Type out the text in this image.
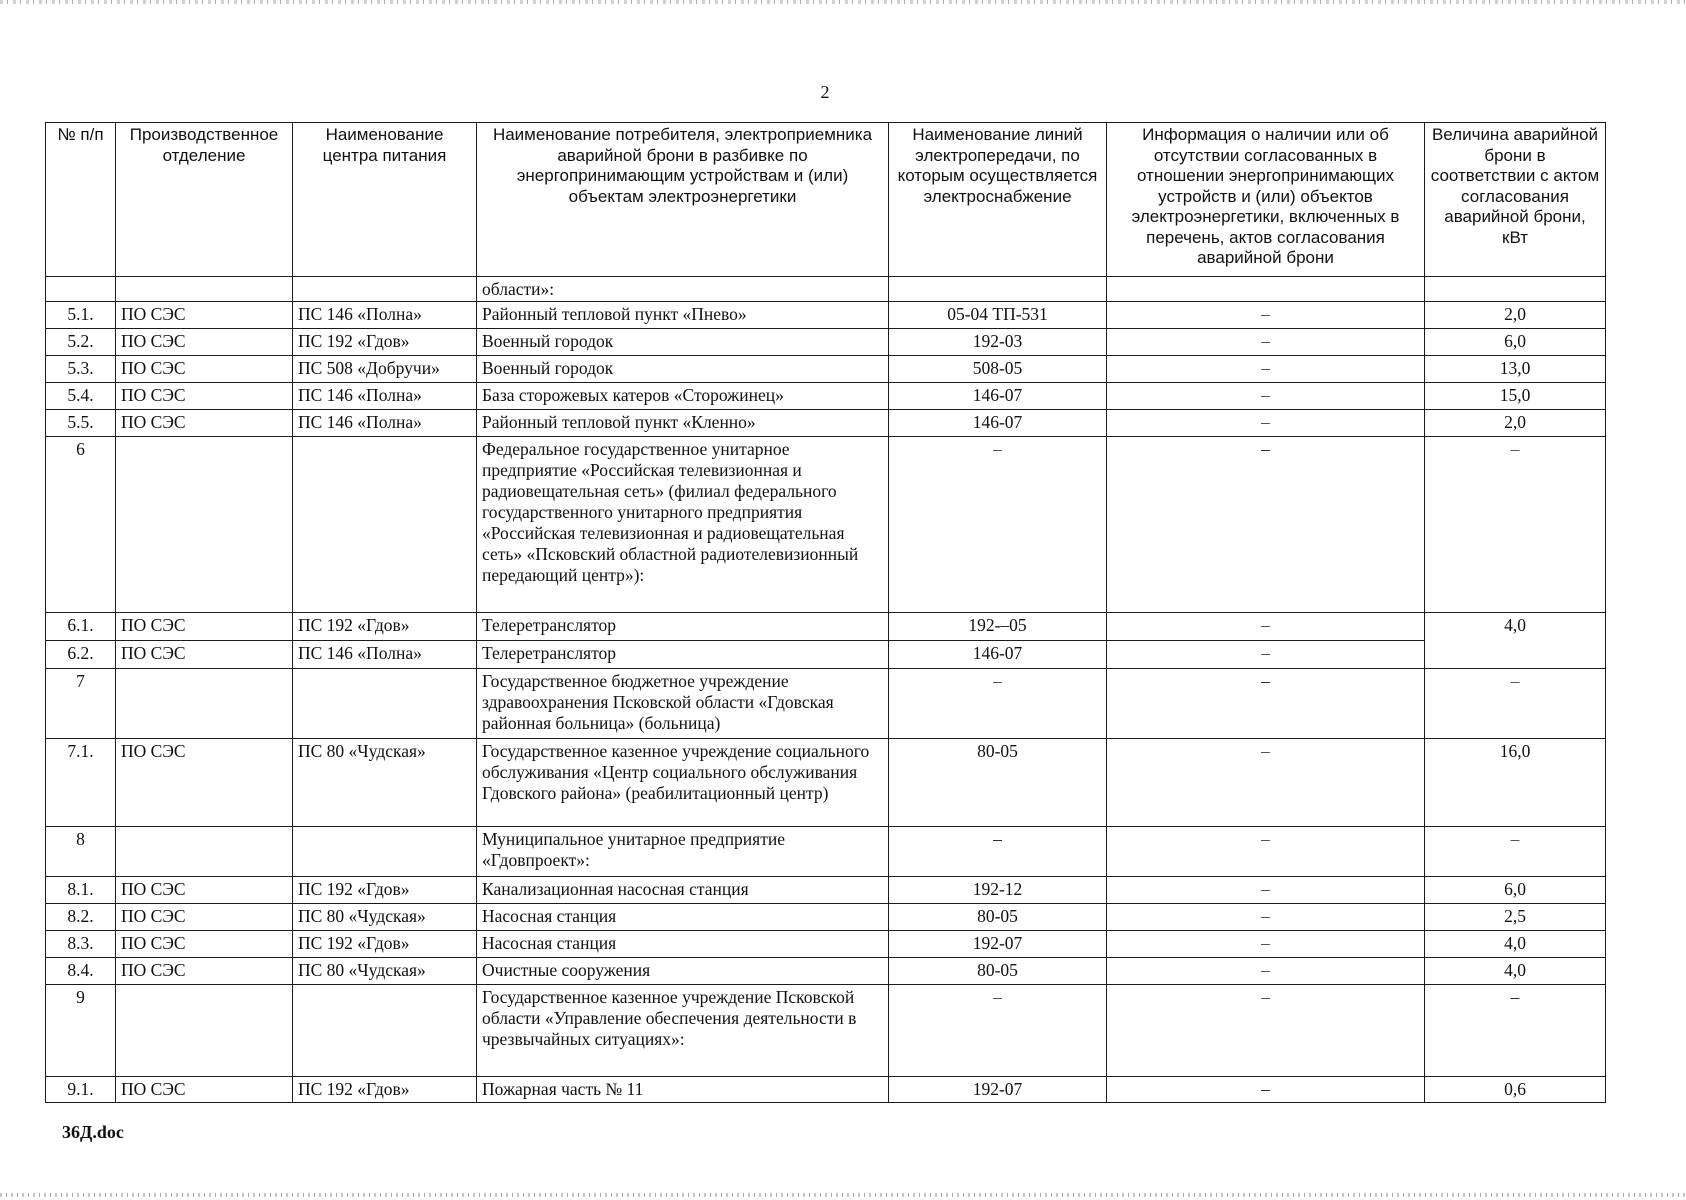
2
№ п/п	Производственное отделение	Наименование центра питания	Наименование потребителя, электроприемника аварийной брони в разбивке по энергопринимающим устройствам и (или) объектам электроэнергетики	Наименование линий электропередачи, по которым осуществляется электроснабжение	Информация о наличии или об отсутствии согласованных в отношении энергопринимающих устройств и (или) объектов электроэнергетики, включенных в перечень, актов согласования аварийной брони	Величина аварийной брони в соответствии с актом согласования аварийной брони, кВт
			области»:			
5.1.	ПО СЭС	ПС 146 «Полна»	Районный тепловой пункт «Пнево»	05-04 ТП-531	–	2,0
5.2.	ПО СЭС	ПС 192 «Гдов»	Военный городок	192-03	–	6,0
5.3.	ПО СЭС	ПС 508 «Добручи»	Военный городок	508-05	–	13,0
5.4.	ПО СЭС	ПС 146 «Полна»	База сторожевых катеров «Сторожинец»	146-07	–	15,0
5.5.	ПО СЭС	ПС 146 «Полна»	Районный тепловой пункт «Кленно»	146-07	–	2,0
6			Федеральное государственное унитарное предприятие «Российская телевизионная и радиовещательная сеть» (филиал федерального государственного унитарного предприятия «Российская телевизионная и радиовещательная сеть» «Псковский областной радиотелевизионный передающий центр»):	–	–	–
6.1.	ПО СЭС	ПС 192 «Гдов»	Телеретранслятор	192-–05	–	4,0
6.2.	ПО СЭС	ПС 146 «Полна»	Телеретранслятор	146-07	–	
7			Государственное бюджетное учреждение здравоохранения Псковской области «Гдовская районная больница» (больница)	–	–	–
7.1.	ПО СЭС	ПС 80 «Чудская»	Государственное казенное учреждение социального обслуживания «Центр социального обслуживания Гдовского района» (реабилитационный центр)	80-05	–	16,0
8			Муниципальное унитарное предприятие «Гдовпроект»:	–	–	–
8.1.	ПО СЭС	ПС 192 «Гдов»	Канализационная насосная станция	192-12	–	6,0
8.2.	ПО СЭС	ПС 80 «Чудская»	Насосная станция	80-05	–	2,5
8.3.	ПО СЭС	ПС 192 «Гдов»	Насосная станция	192-07	–	4,0
8.4.	ПО СЭС	ПС 80 «Чудская»	Очистные сооружения	80-05	–	4,0
9			Государственное казенное учреждение Псковской области «Управление обеспечения деятельности в чрезвычайных ситуациях»:	–	–	–
9.1.	ПО СЭС	ПС 192 «Гдов»	Пожарная часть № 11	192-07	–	0,6
36Д.doc
